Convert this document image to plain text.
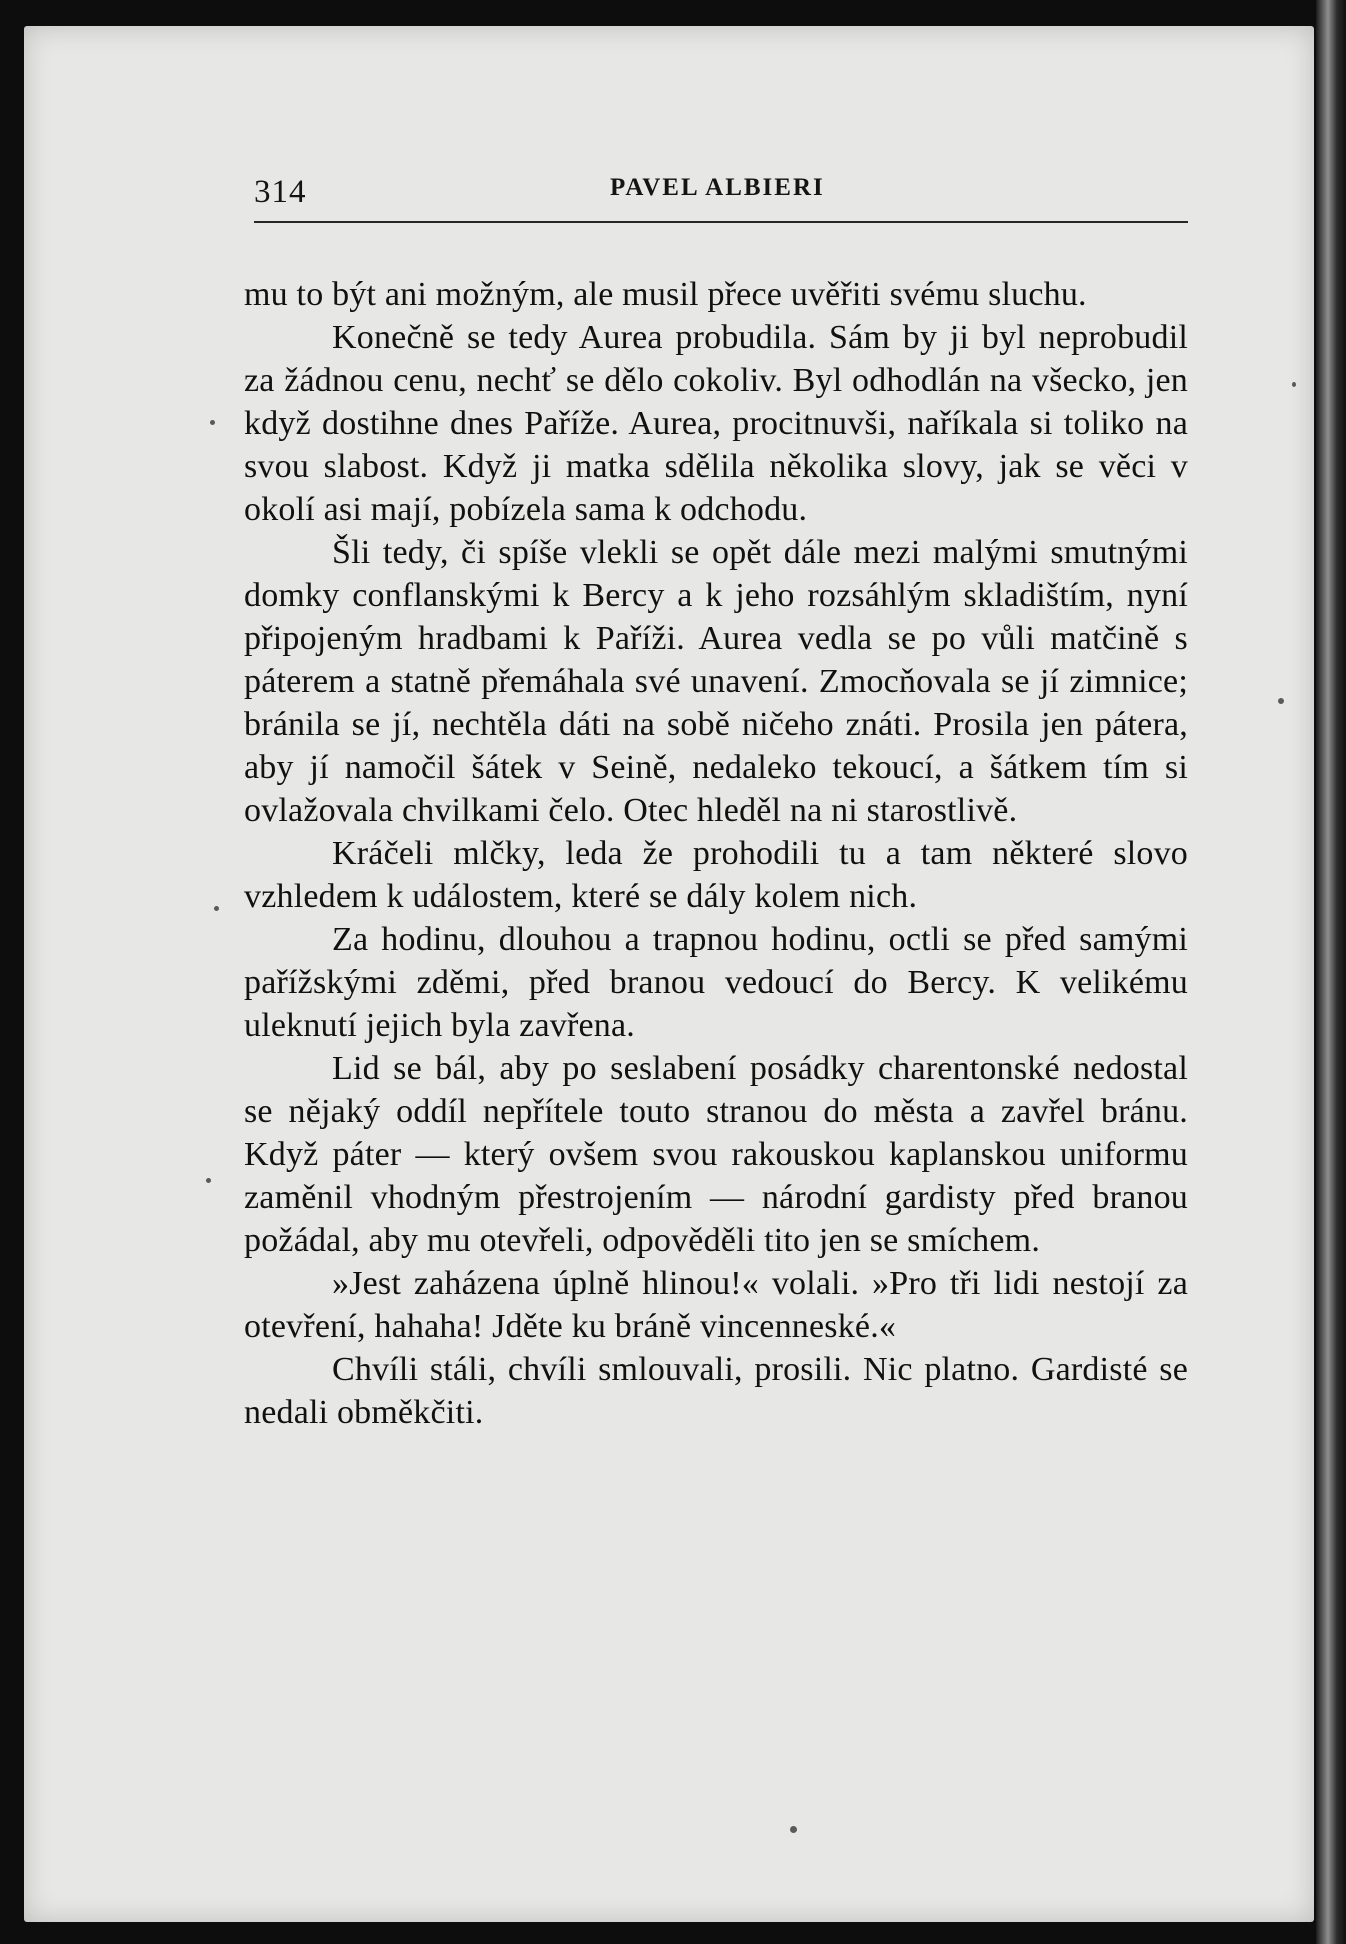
314	PAVEL ALBIERI

mu to být ani možným, ale musil přece uvěřiti svému sluchu.

Konečně se tedy Aurea probudila. Sám by ji byl neprobudil za žádnou cenu, nechť se dělo cokoliv. Byl odhodlán na všecko, jen když dostihne dnes Paříže. Aurea, procitnuvši, naříkala si toliko na svou slabost. Když ji matka sdělila několika slovy, jak se věci v okolí asi mají, pobízela sama k odchodu.

Šli tedy, či spíše vlekli se opět dále mezi malými smutnými domky conflanskými k Bercy a k jeho rozsáhlým skladištím, nyní připojeným hradbami k Paříži. Aurea vedla se po vůli matčině s páterem a statně přemáhala své unavení. Zmocňovala se jí zimnice; bránila se jí, nechtěla dáti na sobě ničeho znáti. Prosila jen pátera, aby jí namočil šátek v Seině, nedaleko tekoucí, a šátkem tím si ovlažovala chvilkami čelo. Otec hleděl na ni starostlivě.

Kráčeli mlčky, leda že prohodili tu a tam některé slovo vzhledem k událostem, které se dály kolem nich.

Za hodinu, dlouhou a trapnou hodinu, octli se před samými pařížskými zděmi, před branou vedoucí do Bercy. K velikému uleknutí jejich byla zavřena.

Lid se bál, aby po seslabení posádky charentonské nedostal se nějaký oddíl nepřítele touto stranou do města a zavřel bránu. Když páter — který ovšem svou rakouskou kaplanskou uniformu zaměnil vhodným přestrojením — národní gardisty před branou požádal, aby mu otevřeli, odpověděli tito jen se smíchem.

»Jest zaházena úplně hlinou!« volali. »Pro tři lidi nestojí za otevření, hahaha! Jděte ku bráně vincenneské.«

Chvíli stáli, chvíli smlouvali, prosili. Nic platno. Gardisté se nedali obměkčiti.
